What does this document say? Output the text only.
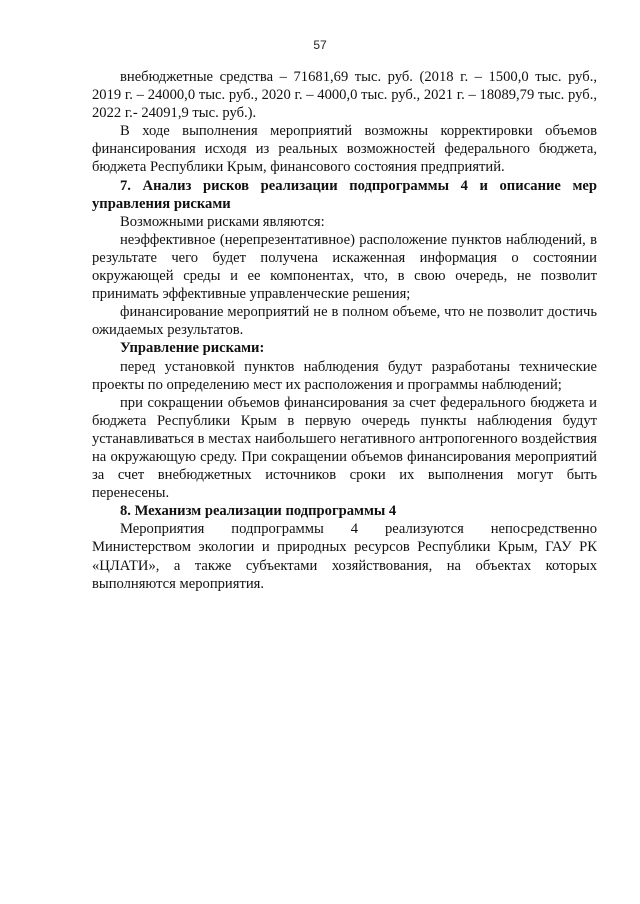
57

внебюджетные средства – 71681,69 тыс. руб. (2018 г. – 1500,0 тыс. руб., 2019 г. – 24000,0 тыс. руб., 2020 г. – 4000,0 тыс. руб., 2021 г. – 18089,79 тыс. руб., 2022 г.- 24091,9 тыс. руб.).

В ходе выполнения мероприятий возможны корректировки объемов финансирования исходя из реальных возможностей федерального бюджета, бюджета Республики Крым, финансового состояния предприятий.

7. Анализ рисков реализации подпрограммы 4 и описание мер управления рисками

Возможными рисками являются:

неэффективное (нерепрезентативное) расположение пунктов наблюдений, в результате чего будет получена искаженная информация о состоянии окружающей среды и ее компонентах, что, в свою очередь, не позволит принимать эффективные управленческие решения;

финансирование мероприятий не в полном объеме, что не позволит достичь ожидаемых результатов.

Управление рисками:

перед установкой пунктов наблюдения будут разработаны технические проекты по определению мест их расположения и программы наблюдений;

при сокращении объемов финансирования за счет федерального бюджета и бюджета Республики Крым в первую очередь пункты наблюдения будут устанавливаться в местах наибольшего негативного антропогенного воздействия на окружающую среду. При сокращении объемов финансирования мероприятий за счет внебюджетных источников сроки их выполнения могут быть перенесены.

8. Механизм реализации подпрограммы 4

Мероприятия подпрограммы 4 реализуются непосредственно Министерством экологии и природных ресурсов Республики Крым, ГАУ РК «ЦЛАТИ», а также субъектами хозяйствования, на объектах которых выполняются мероприятия.
